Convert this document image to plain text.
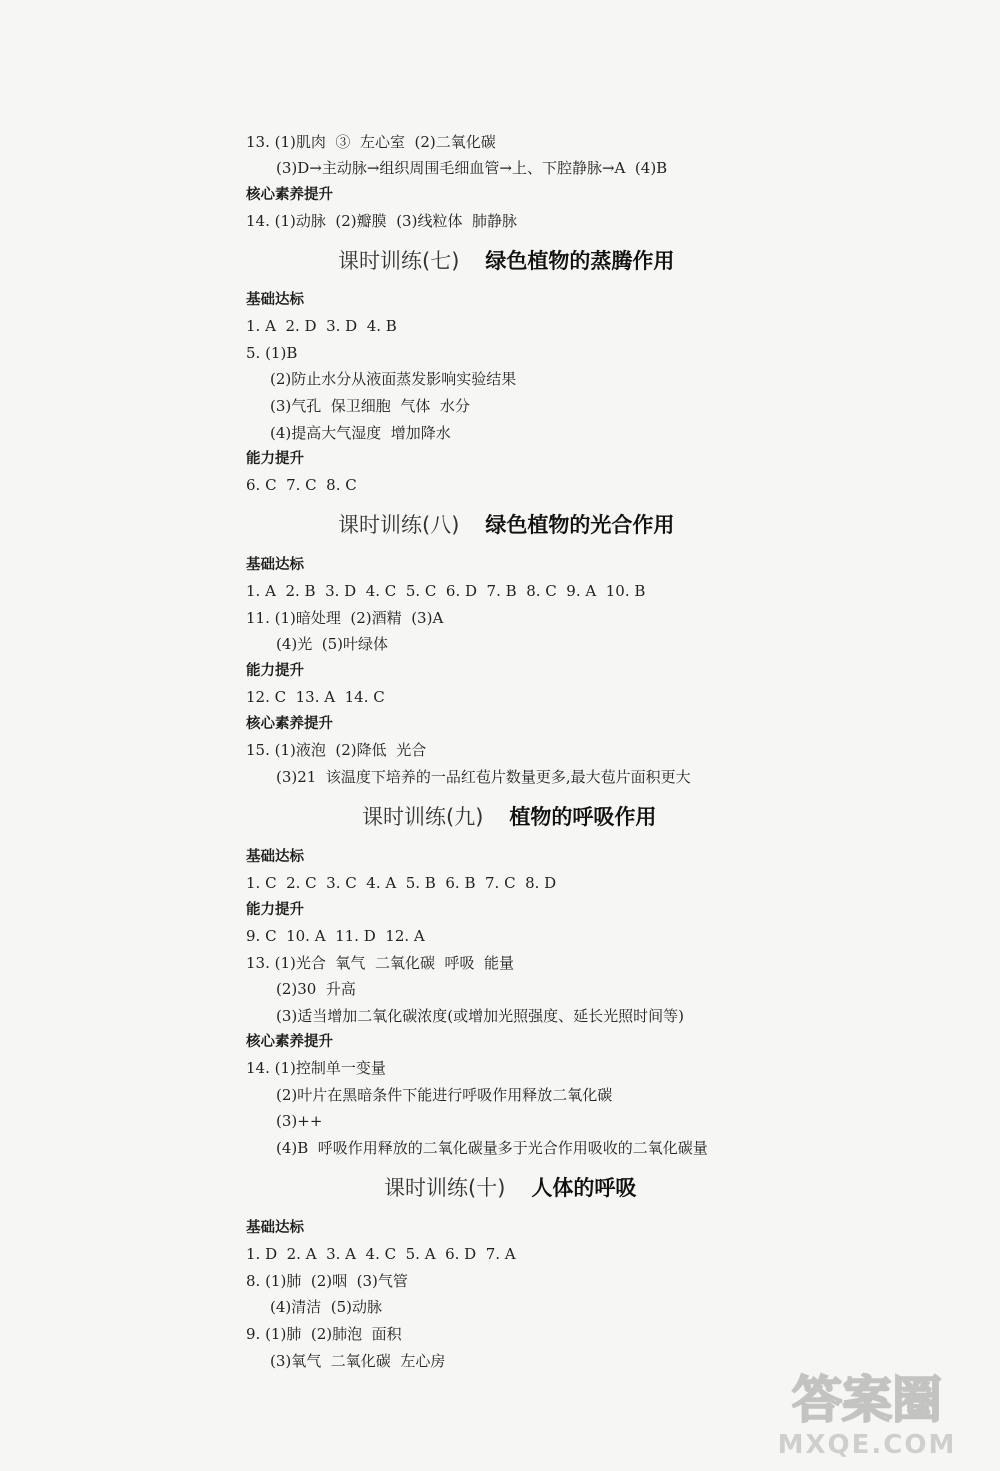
13. (1)肌肉  ③  左心室  (2)二氧化碳
(3)D→主动脉→组织周围毛细血管→上、下腔静脉→A  (4)B
核心素养提升
14. (1)动脉  (2)瓣膜  (3)线粒体  肺静脉
课时训练(七) 绿色植物的蒸腾作用
基础达标
1. A  2. D  3. D  4. B
5. (1)B
(2)防止水分从液面蒸发影响实验结果
(3)气孔  保卫细胞  气体  水分
(4)提高大气湿度  增加降水
能力提升
6. C  7. C  8. C
课时训练(八) 绿色植物的光合作用
基础达标
1. A  2. B  3. D  4. C  5. C  6. D  7. B  8. C  9. A  10. B
11. (1)暗处理  (2)酒精  (3)A
(4)光  (5)叶绿体
能力提升
12. C  13. A  14. C
核心素养提升
15. (1)液泡  (2)降低  光合
(3)21  该温度下培养的一品红苞片数量更多,最大苞片面积更大
课时训练(九) 植物的呼吸作用
基础达标
1. C  2. C  3. C  4. A  5. B  6. B  7. C  8. D
能力提升
9. C  10. A  11. D  12. A
13. (1)光合  氧气  二氧化碳  呼吸  能量
(2)30  升高
(3)适当增加二氧化碳浓度(或增加光照强度、延长光照时间等)
核心素养提升
14. (1)控制单一变量
(2)叶片在黑暗条件下能进行呼吸作用释放二氧化碳
(3)++
(4)B  呼吸作用释放的二氧化碳量多于光合作用吸收的二氧化碳量
课时训练(十) 人体的呼吸
基础达标
1. D  2. A  3. A  4. C  5. A  6. D  7. A
8. (1)肺  (2)咽  (3)气管
(4)清洁  (5)动脉
9. (1)肺  (2)肺泡  面积
(3)氧气  二氧化碳  左心房
答案圈
MXQE.COM
